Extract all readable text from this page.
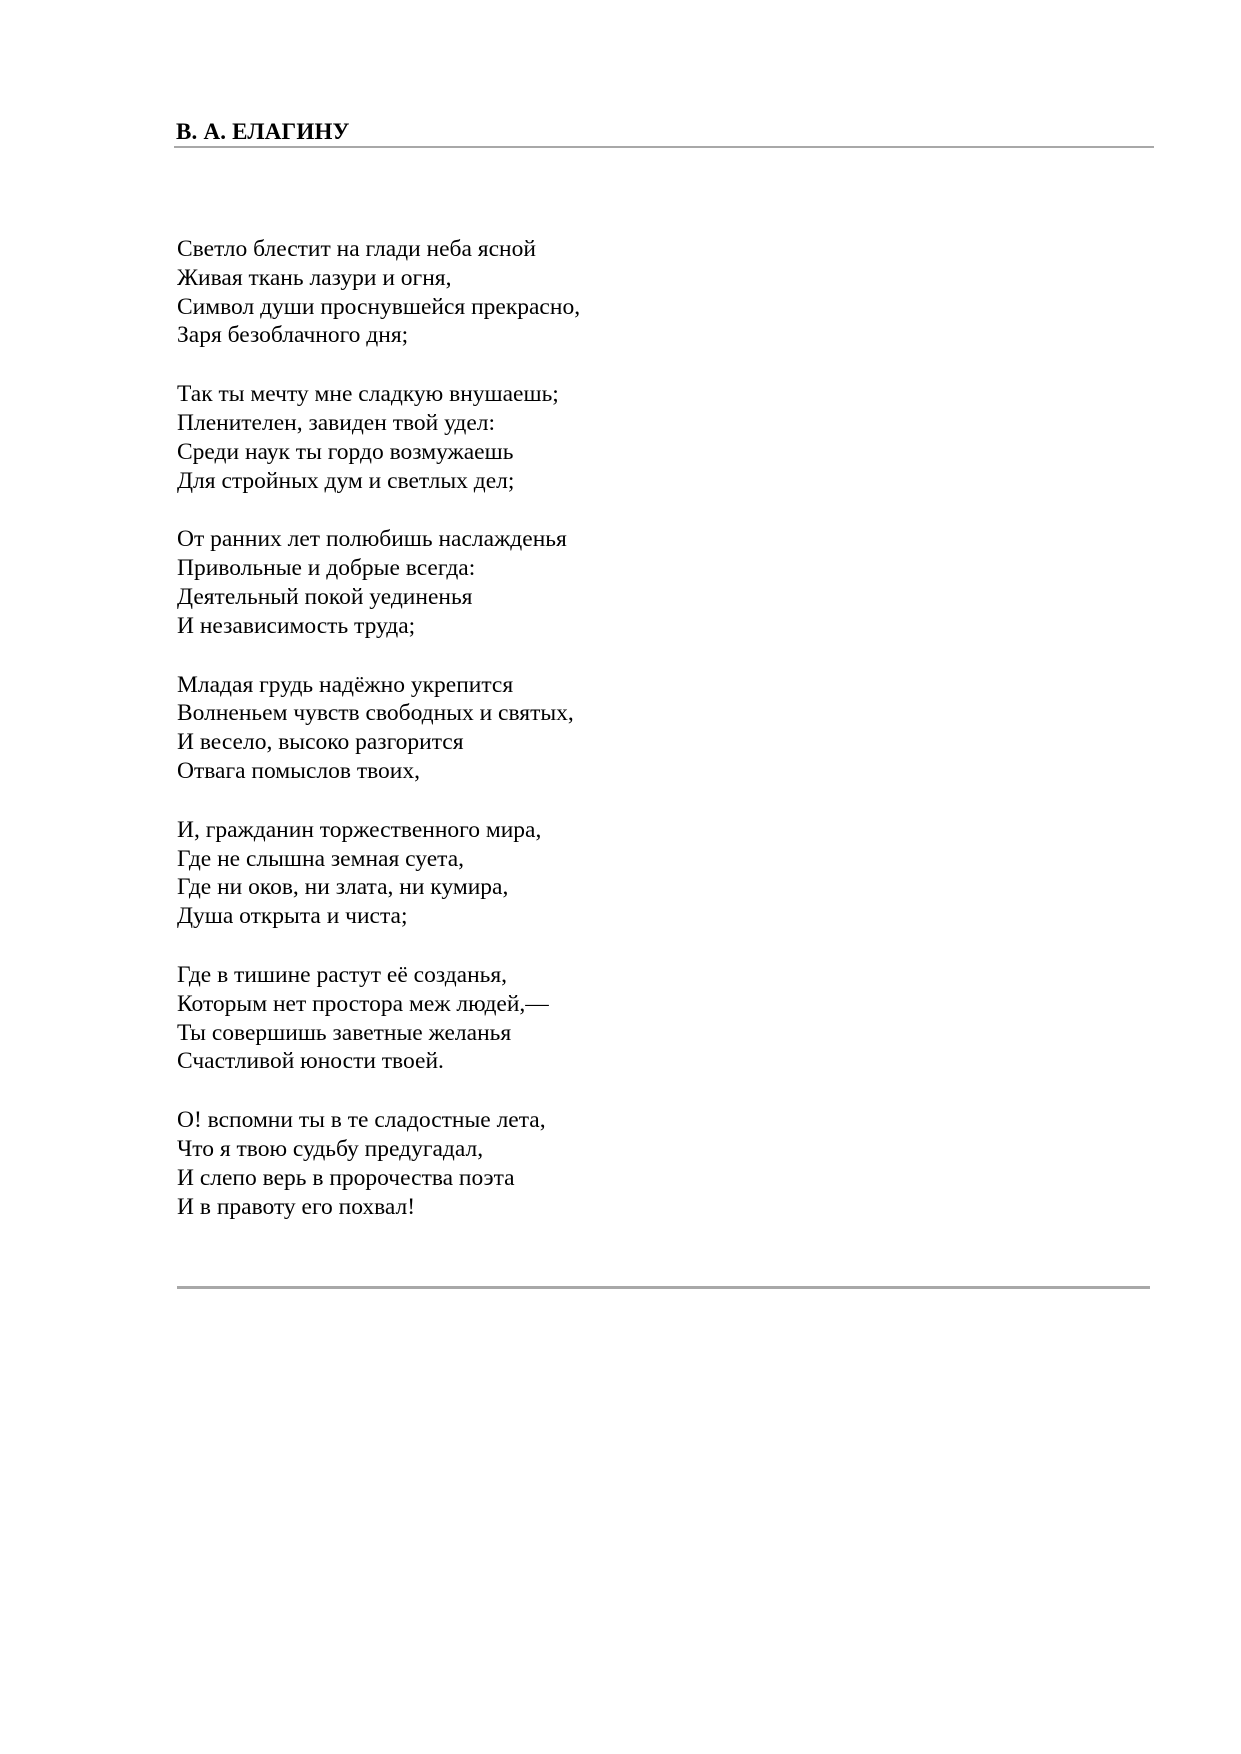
В. А. ЕЛАГИНУ

Светло блестит на глади неба ясной
Живая ткань лазури и огня,
Символ души проснувшейся прекрасно,
Заря безоблачного дня;

Так ты мечту мне сладкую внушаешь;
Пленителен, завиден твой удел:
Среди наук ты гордо возмужаешь
Для стройных дум и светлых дел;

От ранних лет полюбишь наслажденья
Привольные и добрые всегда:
Деятельный покой уединенья
И независимость труда;

Младая грудь надёжно укрепится
Волненьем чувств свободных и святых,
И весело, высоко разгорится
Отвага помыслов твоих,

И, гражданин торжественного мира,
Где не слышна земная суета,
Где ни оков, ни злата, ни кумира,
Душа открыта и чиста;

Где в тишине растут её созданья,
Которым нет простора меж людей,—
Ты совершишь заветные желанья
Счастливой юности твоей.

О! вспомни ты в те сладостные лета,
Что я твою судьбу предугадал,
И слепо верь в пророчества поэта
И в правоту его похвал!
